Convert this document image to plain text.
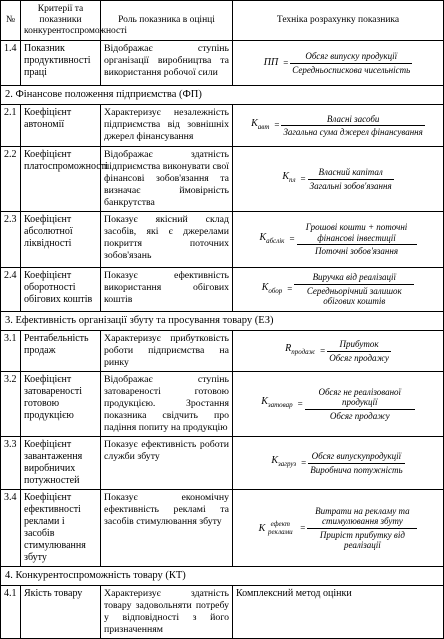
№	Критерії та показники конкурентоспроможності	Роль показника в оцінці	Техніка розрахунку показника
1.4	Показник продуктивності праці	Відображає ступінь організації виробництва та використання робочої сили	ПП = $\frac{\text{Обсяг випуску продукції}}{\text{Середньоспискова чисельність}}$

2. Фінансове положення підприємства (ФП)			
2.1	Коефіцієнт автономії	Характеризує незалежність підприємства від зовнішніх джерел фінансування	$К_{авт} = \frac{\text{Власні засоби}}{\text{Загальна сума джерел фінансування}}$

2.2	Коефіцієнт платоспроможності	Відображає здатність підприємства виконувати свої фінансові зобов'язання та визначає ймовірність банкрутства	$К_{пл} = \frac{\text{Власний капітал}}{\text{Загальні зобов'язання}}$

2.3	Коефіцієнт абсолютної ліквідності	Показує якісний склад засобів, які є джерелами покриття поточних зобов'язань	$К_{абслік} = \frac{\text{Грошові кошти + поточні фінансові інвестиції}}{\text{Поточні зобов'язання}}$

2.4	Коефіцієнт оборотності обігових коштів	Показує ефективність використання обігових коштів	$К_{обор} = \frac{\text{Виручка від реалізації}}{\text{Середньорічний залишок обігових коштів}}$

3. Ефективність організації збуту та просування товару (ЕЗ)			
3.1	Рентабельність продаж	Характеризує прибутковість роботи підприємства на ринку	$R_{продаж} = \frac{\text{Прибуток}}{\text{Обсяг продажу}}$

3.2	Коефіцієнт затовареності готовою продукцією	Відображає ступінь затовареності готовою продукцією. Зростання показника свідчить про падіння попиту на продукцію	$К_{затовар} = \frac{\text{Обсяг не реалізованої продукції}}{\text{Обсяг продажу}}$

3.3	Коефіцієнт завантаження виробничих потужностей	Показує ефективність роботи служби збуту	$К_{загруз} = \frac{\text{Обсяг випускупродукції}}{\text{Виробнича потужність}}$

3.4	Коефіцієнт ефективності реклами і засобів стимулювання збуту	Показує економічну ефективність рекламі та засобів стимулювання збуту	К $_{ефект реклами} = \frac{\text{Витрати на рекламу та стимулювання збуту}}{\text{Приріст прибутку від реалізації}}$

4. Конкурентоспроможність товару (КТ)			
4.1	Якість товару	Характеризує здатність товару задовольняти потребу у відповідності з його призначенням	Комплексний метод оцінки
